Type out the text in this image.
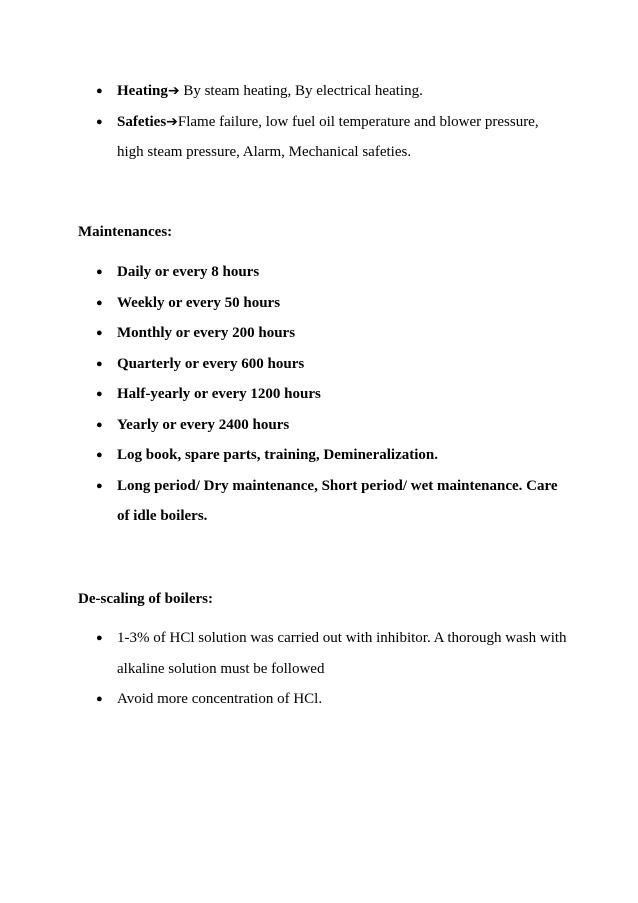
● Heating➔ By steam heating, By electrical heating.
● Safeties➔Flame failure, low fuel oil temperature and blower pressure, high steam pressure, Alarm, Mechanical safeties.
Maintenances:
● Daily or every 8 hours
● Weekly or every 50 hours
● Monthly or every 200 hours
● Quarterly or every 600 hours
● Half-yearly or every 1200 hours
● Yearly or every 2400 hours
● Log book, spare parts, training, Demineralization.
● Long period/ Dry maintenance, Short period/ wet maintenance. Care of idle boilers.
De-scaling of boilers:
● 1-3% of HCl solution was carried out with inhibitor. A thorough wash with alkaline solution must be followed
● Avoid more concentration of HCl.
